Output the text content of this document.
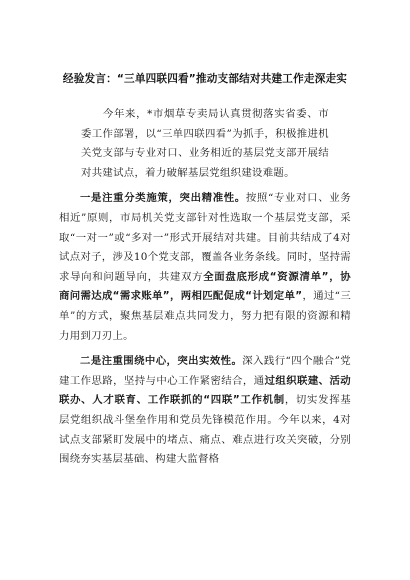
经验发言：“三单四联四看”推动支部结对共建工作走深走实

今年来，*市烟草专卖局认真贯彻落实省委、市委工作部署，以“三单四联四看”为抓手，积极推进机关党支部与专业对口、业务相近的基层党支部开展结对共建试点，着力破解基层党组织建设难题。

一是注重分类施策，突出精准性。按照“专业对口、业务相近”原则，市局机关党支部针对性选取一个基层党支部，采取“一对一”或“多对一”形式开展结对共建。目前共结成了4对试点对子，涉及10个党支部，覆盖各业务条线。同时，坚持需求导向和问题导向，共建双方全面盘底形成“资源清单”，协商问需达成“需求账单”，两相匹配促成“计划定单”，通过“三单”的方式，聚焦基层难点共同发力，努力把有限的资源和精力用到刀刃上。

二是注重围绕中心，突出实效性。深入践行“四个融合”党建工作思路，坚持与中心工作紧密结合，通过组织联建、活动联办、人才联育、工作联抓的“四联”工作机制，切实发挥基层党组织战斗堡垒作用和党员先锋模范作用。今年以来，4对试点支部紧盯发展中的堵点、痛点、难点进行攻关突破，分别围绕夯实基层基础、构建大监督格
